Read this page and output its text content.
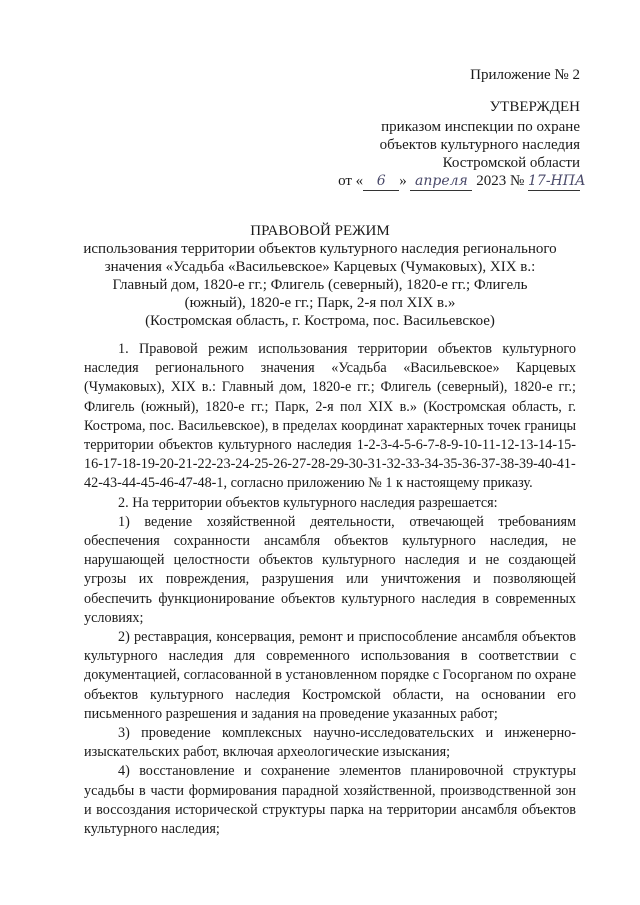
Приложение № 2
УТВЕРЖДЕН
приказом инспекции по охране
объектов культурного наследия
Костромской области
от « 6 » апреля 2023 № 17-НПА
ПРАВОВОЙ РЕЖИМ
использования территории объектов культурного наследия регионального
значения «Усадьба «Васильевское» Карцевых (Чумаковых), XIX в.:
Главный дом, 1820-е гг.; Флигель (северный), 1820-е гг.; Флигель
(южный), 1820-е гг.; Парк, 2-я пол XIX в.»
(Костромская область, г. Кострома, пос. Васильевское)

1. Правовой режим использования территории объектов культурного наследия регионального значения «Усадьба «Васильевское» Карцевых (Чумаковых), XIX в.: Главный дом, 1820-е гг.; Флигель (северный), 1820-е гг.; Флигель (южный), 1820-е гг.; Парк, 2-я пол XIX в.» (Костромская область, г. Кострома, пос. Васильевское), в пределах координат характерных точек границы территории объектов культурного наследия 1-2-3-4-5-6-7-8-9-10-11-12-13-14-15-16-17-18-19-20-21-22-23-24-25-26-27-28-29-30-31-32-33-34-35-36-37-38-39-40-41-42-43-44-45-46-47-48-1, согласно приложению № 1 к настоящему приказу.

2. На территории объектов культурного наследия разрешается:

1) ведение хозяйственной деятельности, отвечающей требованиям обеспечения сохранности ансамбля объектов культурного наследия, не нарушающей целостности объектов культурного наследия и не создающей угрозы их повреждения, разрушения или уничтожения и позволяющей обеспечить функционирование объектов культурного наследия в современных условиях;

2) реставрация, консервация, ремонт и приспособление ансамбля объектов культурного наследия для современного использования в соответствии с документацией, согласованной в установленном порядке с Госорганом по охране объектов культурного наследия Костромской области, на основании его письменного разрешения и задания на проведение указанных работ;

3) проведение комплексных научно-исследовательских и инженерно-изыскательских работ, включая археологические изыскания;

4) восстановление и сохранение элементов планировочной структуры усадьбы в части формирования парадной хозяйственной, производственной зон и воссоздания исторической структуры парка на территории ансамбля объектов культурного наследия;
